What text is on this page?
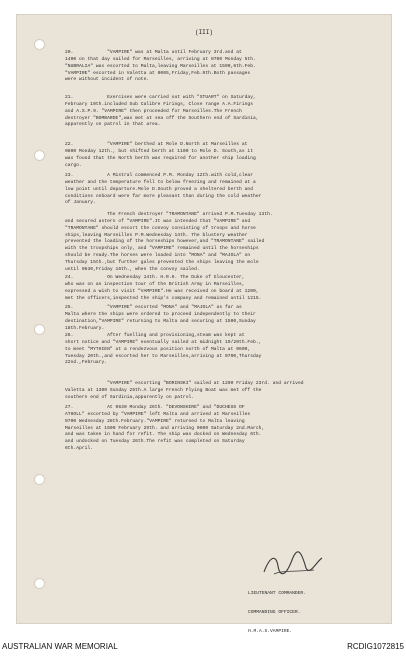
(III)
20.            "VAMPIRE" was at Malta until February 3rd.and at
1400 on that day sailed for Marseilles, arriving at 0700 Monday 5th.
"NUBRALIA" was escorted to Malta,leaving Marseilles at 1500,6th.Feb.
"VAMPIRE" escorted in Valetta at 0005,Friday,Feb.9th.Both passages
were without incident of note.
21.            Exercises were carried out with "STUART" on Saturday,
February 10th.included Sub Calibre Firings, Close range A.A.Firings
and A.S.P.9. "VAMPIRE" then proceeded for Marseilles.The French
destroyer "BOMBARDE",was met at sea off the Southern end of Sardinia,
apparently on patrol in that area.
22.            "VAMPIRE" berthed at Mole D.North at Marseilles at
0800 Monday 12th., but shifted berth at 1100 to Mole D. South,as it
was found that the North berth was required for another ship loading
cargo.
23.            A Mistral commenced P.M. Monday 12th.with cold,clear
weather and the temperature fell to below freezing and remained at a
low point until departure.Mole D.South proved a sheltered berth and
conditions onboard were far more pleasant than during the cold weather
of January.
The French destroyer "TRAMONTANE" arrived P.M.Tuesday 13th.
and secured astern of "VAMPIRE".It was intended that "VAMPIRE" and
"TRAMONTANE" should escort the convoy consisting of troops and horse
ships,leaving Marseilles P.M.Wednesday 14th. The blustery weather
prevented the loading of the horseships however,and "TRAMONTANE" sailed
with the troopships only, and "VAMPIRE" remained until the horseships
should be ready.The horses were loaded into "MONA" and "MAJOLA" on
Thursday 15th.,but further gales prevented the ships leaving the mole
until 0630,Friday 16th., when the convoy sailed.
24.            On Wednesday 14th. H.R.H. The Duke of Gloucester,
who was on an inspection tour of the British Army in Marseilles,
expressed a wish to visit "VAMPIRE".He was received on board at 1200,
met the officers,inspected the ship's company and remained until 1215.
25.            "VAMPIRE" escorted "MONA" and "MAJOLA" as far as
Malta where the ships were ordered to proceed independently to their
destination,"VAMPIRE" returning to Malta and securing at 1500,Sunday
18th.February.
26.            After fuelling and provisioning,steam was kept at
short notice and "VAMPIRE" eventually sailed at midnight 19/20th.Feb.,
to meet "MYTHIEN" at a rendezvous position north of Malta at 0600,
Tuesday 20th.,and escorted her to Marseilles,arriving at 0700,Thursday
22nd.,February.
"VAMPIRE" escorting "BORINSKI" sailed at 1200 Friday 23rd. and arrived
Valetta at 1300 Sunday 25th.A large French Flying Boat was met off the
southern end of Sardinia,apparently on patrol.
27.            At 0630 Monday 26th. "DEVONSHIRE" and "DUCHESS OF
ATHOLL" escorted by "VAMPIRE" left Malta and arrived at Marseilles
0700 Wednesday 28th.February."VAMPIRE" returned to Malta leaving
Marseilles at 1600 February 29th. and arriving 0600 Saturday 2nd.March,
and was taken in hand for refit. The ship was docked on Wednesday 6th.
and undocked on Tuesday 26th.The refit was completed on Saturday
6th.April.

LIEUTENANT COMMANDER.

COMMANDING OFFICER.

H.M.A.S.VAMPIRE.

AUSTRALIAN WAR MEMORIAL	RCDIG1072815
